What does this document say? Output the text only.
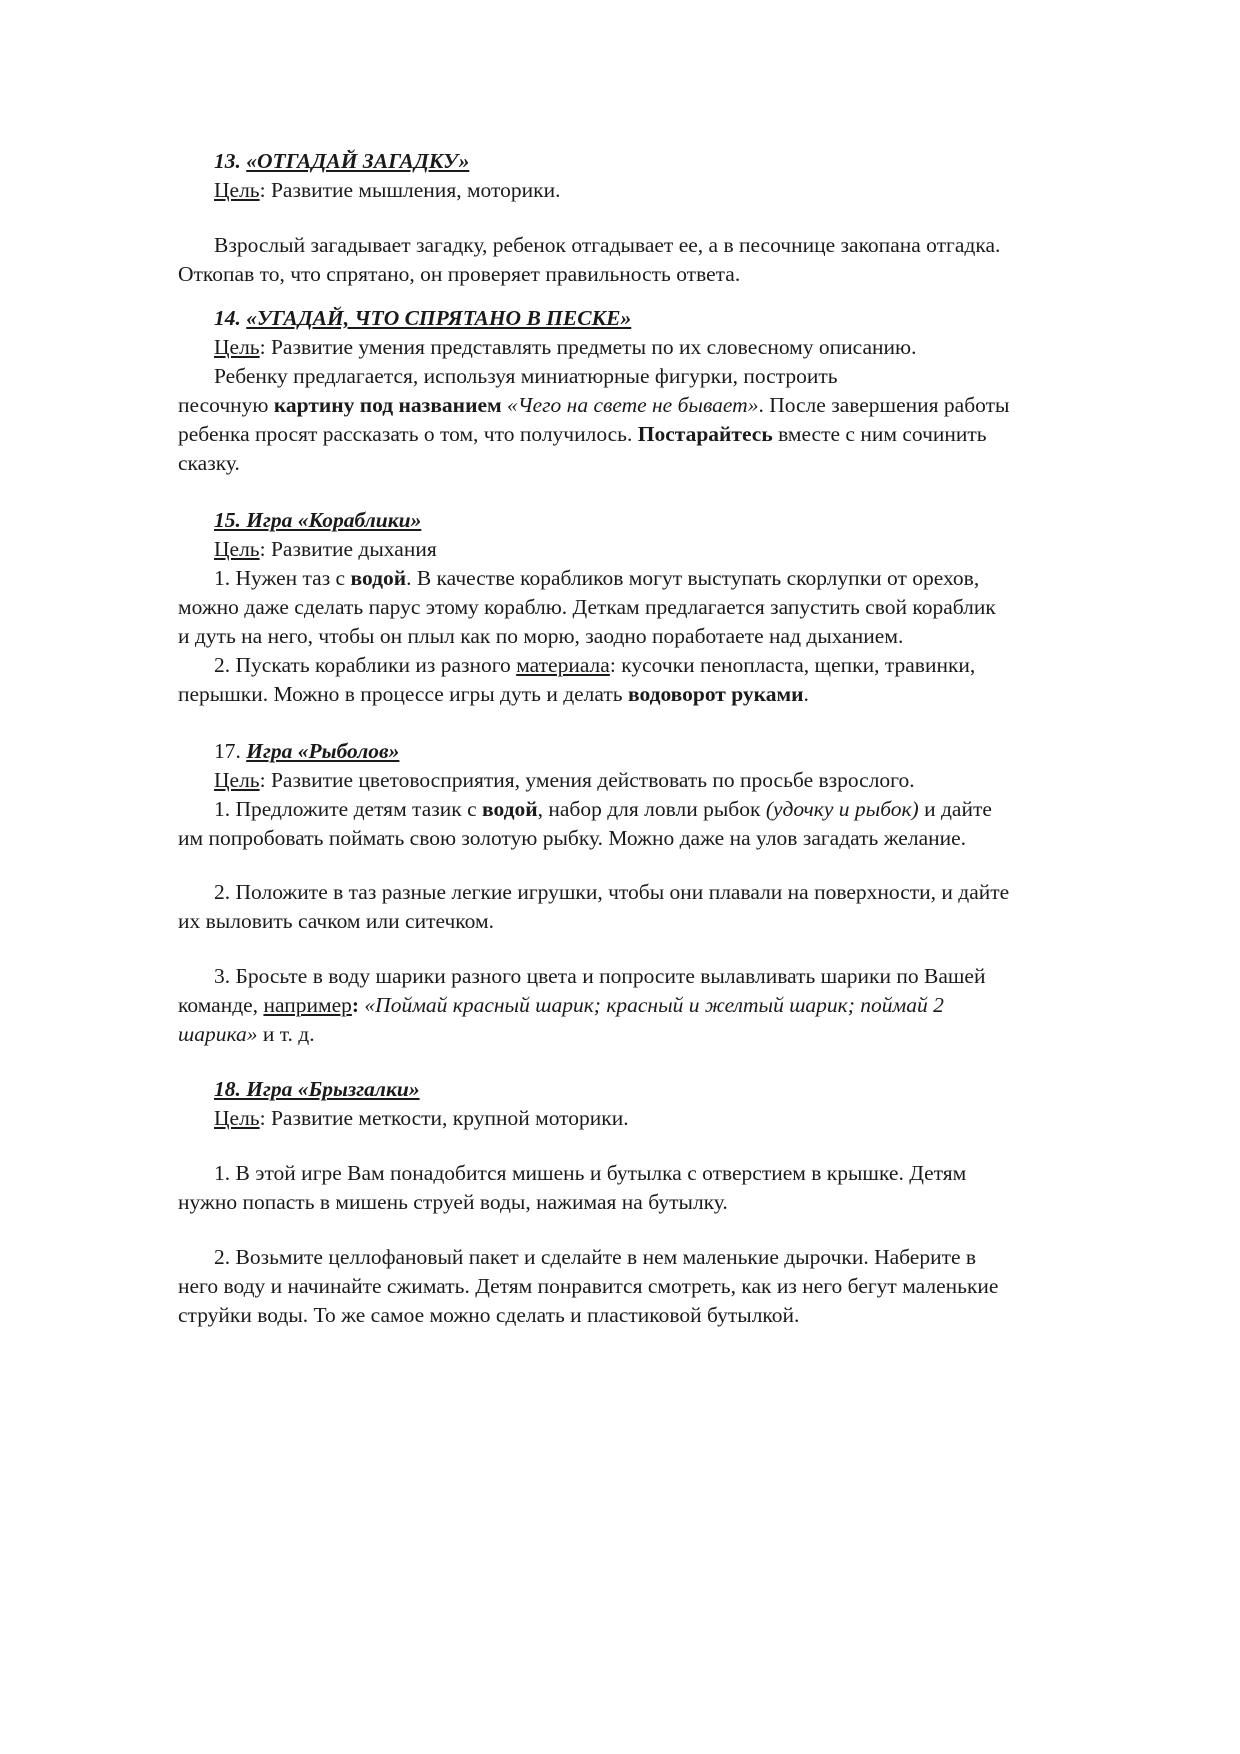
13. «ОТГАДАЙ ЗАГАДКУ»
Цель: Развитие мышления, моторики.
Взрослый загадывает загадку, ребенок отгадывает ее, а в песочнице закопана отгадка.
Откопав то, что спрятано, он проверяет правильность ответа.
14. «УГАДАЙ, ЧТО СПРЯТАНО В ПЕСКЕ»
Цель: Развитие умения представлять предметы по их словесному описанию.
Ребенку предлагается, используя миниатюрные фигурки, построить
песочную картину под названием «Чего на свете не бывает». После завершения работы
ребенка просят рассказать о том, что получилось. Постарайтесь вместе с ним сочинить
сказку.
15. Игра «Кораблики»
Цель: Развитие дыхания
1. Нужен таз с водой. В качестве корабликов могут выступать скорлупки от орехов,
можно даже сделать парус этому кораблю. Деткам предлагается запустить свой кораблик
и дуть на него, чтобы он плыл как по морю, заодно поработаете над дыханием.
2. Пускать кораблики из разного материала: кусочки пенопласта, щепки, травинки,
перышки. Можно в процессе игры дуть и делать водоворот руками.
17. Игра «Рыболов»
Цель: Развитие цветовосприятия, умения действовать по просьбе взрослого.
1. Предложите детям тазик с водой, набор для ловли рыбок (удочку и рыбок) и дайте
им попробовать поймать свою золотую рыбку. Можно даже на улов загадать желание.
2. Положите в таз разные легкие игрушки, чтобы они плавали на поверхности, и дайте
их выловить сачком или ситечком.
3. Бросьте в воду шарики разного цвета и попросите вылавливать шарики по Вашей
команде, например: «Поймай красный шарик; красный и желтый шарик; поймай 2
шарика» и т. д.
18. Игра «Брызгалки»
Цель: Развитие меткости, крупной моторики.
1. В этой игре Вам понадобится мишень и бутылка с отверстием в крышке. Детям
нужно попасть в мишень струей воды, нажимая на бутылку.
2. Возьмите целлофановый пакет и сделайте в нем маленькие дырочки. Наберите в
него воду и начинайте сжимать. Детям понравится смотреть, как из него бегут маленькие
струйки воды. То же самое можно сделать и пластиковой бутылкой.
